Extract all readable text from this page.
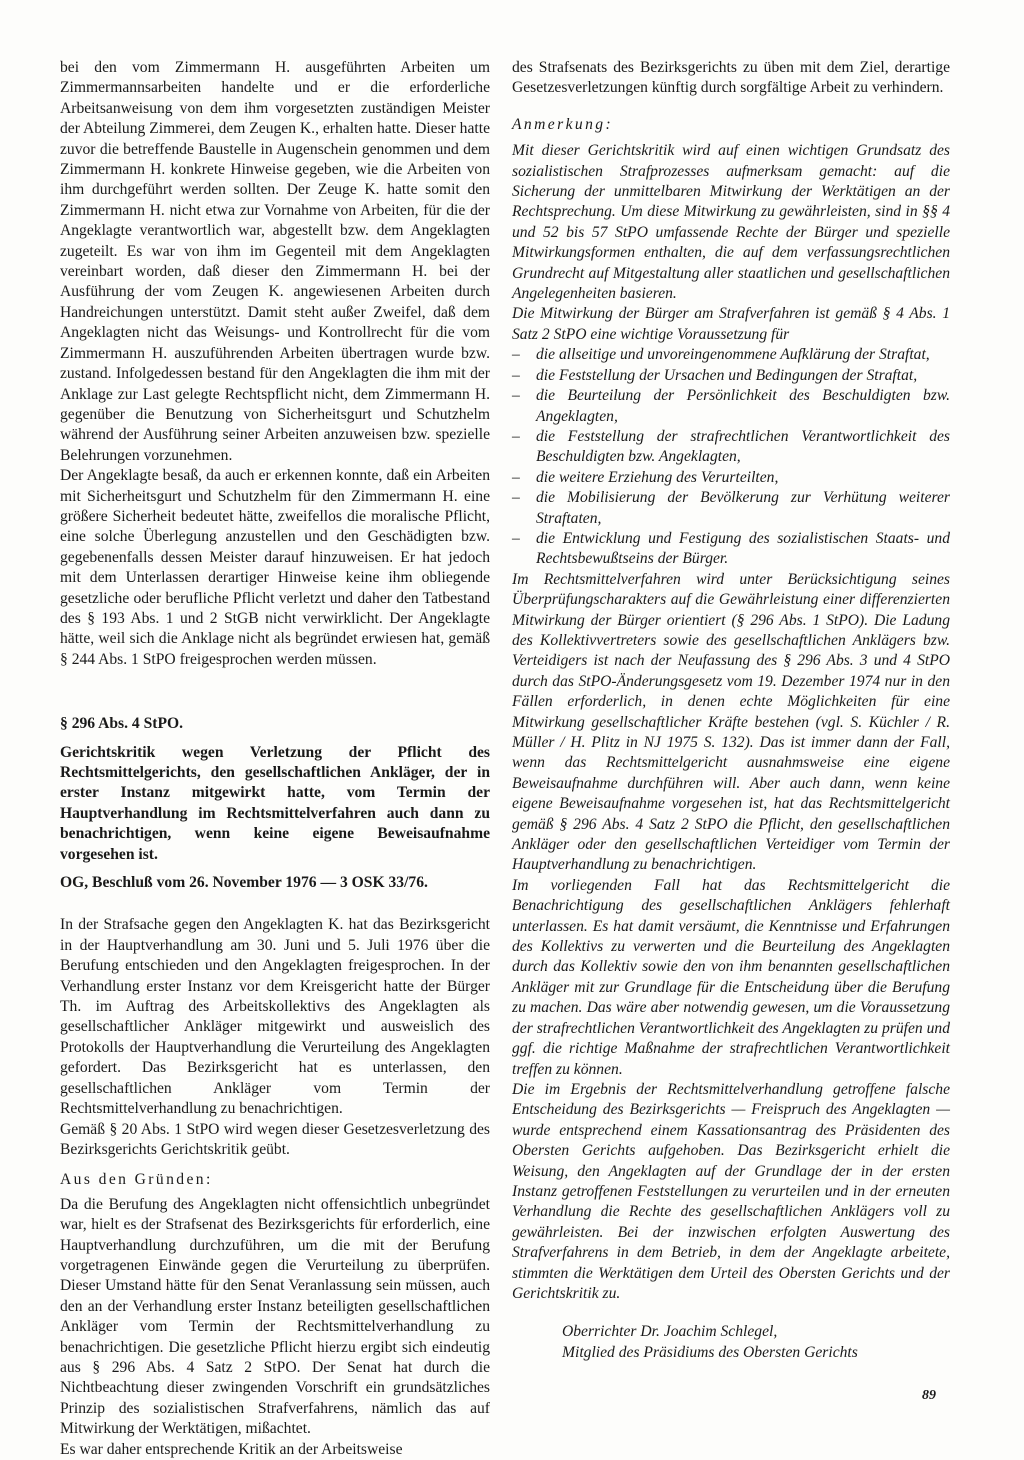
bei den vom Zimmermann H. ausgeführten Arbeiten um Zimmermannsarbeiten handelte und er die erforderliche Arbeitsanweisung von dem ihm vorgesetzten zuständigen Meister der Abteilung Zimmerei, dem Zeugen K., erhalten hatte. Dieser hatte zuvor die betreffende Baustelle in Augenschein genommen und dem Zimmermann H. konkrete Hinweise gegeben, wie die Arbeiten von ihm durchgeführt werden sollten. Der Zeuge K. hatte somit den Zimmermann H. nicht etwa zur Vornahme von Arbeiten, für die der Angeklagte verantwortlich war, abgestellt bzw. dem Angeklagten zugeteilt. Es war von ihm im Gegenteil mit dem Angeklagten vereinbart worden, daß dieser den Zimmermann H. bei der Ausführung der vom Zeugen K. angewiesenen Arbeiten durch Handreichungen unterstützt. Damit steht außer Zweifel, daß dem Angeklagten nicht das Weisungs- und Kontrollrecht für die vom Zimmermann H. auszuführenden Arbeiten übertragen wurde bzw. zustand. Infolgedessen bestand für den Angeklagten die ihm mit der Anklage zur Last gelegte Rechtspflicht nicht, dem Zimmermann H. gegenüber die Benutzung von Sicherheitsgurt und Schutzhelm während der Ausführung seiner Arbeiten anzuweisen bzw. spezielle Belehrungen vorzunehmen.

Der Angeklagte besaß, da auch er erkennen konnte, daß ein Arbeiten mit Sicherheitsgurt und Schutzhelm für den Zimmermann H. eine größere Sicherheit bedeutet hätte, zweifellos die moralische Pflicht, eine solche Überlegung anzustellen und den Geschädigten bzw. gegebenenfalls dessen Meister darauf hinzuweisen. Er hat jedoch mit dem Unterlassen derartiger Hinweise keine ihm obliegende gesetzliche oder berufliche Pflicht verletzt und daher den Tatbestand des § 193 Abs. 1 und 2 StGB nicht verwirklicht. Der Angeklagte hätte, weil sich die Anklage nicht als begründet erwiesen hat, gemäß § 244 Abs. 1 StPO freigesprochen werden müssen.

§ 296 Abs. 4 StPO.

Gerichtskritik wegen Verletzung der Pflicht des Rechtsmittelgerichts, den gesellschaftlichen Ankläger, der in erster Instanz mitgewirkt hatte, vom Termin der Hauptverhandlung im Rechtsmittelverfahren auch dann zu benachrichtigen, wenn keine eigene Beweisaufnahme vorgesehen ist.

OG, Beschluß vom 26. November 1976 — 3 OSK 33/76.

In der Strafsache gegen den Angeklagten K. hat das Bezirksgericht in der Hauptverhandlung am 30. Juni und 5. Juli 1976 über die Berufung entschieden und den Angeklagten freigesprochen. In der Verhandlung erster Instanz vor dem Kreisgericht hatte der Bürger Th. im Auftrag des Arbeitskollektivs des Angeklagten als gesellschaftlicher Ankläger mitgewirkt und ausweislich des Protokolls der Hauptverhandlung die Verurteilung des Angeklagten gefordert. Das Bezirksgericht hat es unterlassen, den gesellschaftlichen Ankläger vom Termin der Rechtsmittelverhandlung zu benachrichtigen.

Gemäß § 20 Abs. 1 StPO wird wegen dieser Gesetzesverletzung des Bezirksgerichts Gerichtskritik geübt.

Aus den Gründen:

Da die Berufung des Angeklagten nicht offensichtlich unbegründet war, hielt es der Strafsenat des Bezirksgerichts für erforderlich, eine Hauptverhandlung durchzuführen, um die mit der Berufung vorgetragenen Einwände gegen die Verurteilung zu überprüfen. Dieser Umstand hätte für den Senat Veranlassung sein müssen, auch den an der Verhandlung erster Instanz beteiligten gesellschaftlichen Ankläger vom Termin der Rechtsmittelverhandlung zu benachrichtigen. Die gesetzliche Pflicht hierzu ergibt sich eindeutig aus § 296 Abs. 4 Satz 2 StPO. Der Senat hat durch die Nichtbeachtung dieser zwingenden Vorschrift ein grundsätzliches Prinzip des sozialistischen Strafverfahrens, nämlich das auf Mitwirkung der Werktätigen, mißachtet.

Es war daher entsprechende Kritik an der Arbeitsweise

des Strafsenats des Bezirksgerichts zu üben mit dem Ziel, derartige Gesetzesverletzungen künftig durch sorgfältige Arbeit zu verhindern.

Anmerkung:

Mit dieser Gerichtskritik wird auf einen wichtigen Grundsatz des sozialistischen Strafprozesses aufmerksam gemacht: auf die Sicherung der unmittelbaren Mitwirkung der Werktätigen an der Rechtsprechung. Um diese Mitwirkung zu gewährleisten, sind in §§ 4 und 52 bis 57 StPO umfassende Rechte der Bürger und spezielle Mitwirkungsformen enthalten, die auf dem verfassungsrechtlichen Grundrecht auf Mitgestaltung aller staatlichen und gesellschaftlichen Angelegenheiten basieren.

Die Mitwirkung der Bürger am Strafverfahren ist gemäß § 4 Abs. 1 Satz 2 StPO eine wichtige Voraussetzung für

– die allseitige und unvoreingenommene Aufklärung der Straftat,
– die Feststellung der Ursachen und Bedingungen der Straftat,
– die Beurteilung der Persönlichkeit des Beschuldigten bzw. Angeklagten,
– die Feststellung der strafrechtlichen Verantwortlichkeit des Beschuldigten bzw. Angeklagten,
– die weitere Erziehung des Verurteilten,
– die Mobilisierung der Bevölkerung zur Verhütung weiterer Straftaten,
– die Entwicklung und Festigung des sozialistischen Staats- und Rechtsbewußtseins der Bürger.

Im Rechtsmittelverfahren wird unter Berücksichtigung seines Überprüfungscharakters auf die Gewährleistung einer differenzierten Mitwirkung der Bürger orientiert (§ 296 Abs. 1 StPO). Die Ladung des Kollektivvertreters sowie des gesellschaftlichen Anklägers bzw. Verteidigers ist nach der Neufassung des § 296 Abs. 3 und 4 StPO durch das StPO-Änderungsgesetz vom 19. Dezember 1974 nur in den Fällen erforderlich, in denen echte Möglichkeiten für eine Mitwirkung gesellschaftlicher Kräfte bestehen (vgl. S. Küchler / R. Müller / H. Plitz in NJ 1975 S. 132). Das ist immer dann der Fall, wenn das Rechtsmittelgericht ausnahmsweise eine eigene Beweisaufnahme durchführen will. Aber auch dann, wenn keine eigene Beweisaufnahme vorgesehen ist, hat das Rechtsmittelgericht gemäß § 296 Abs. 4 Satz 2 StPO die Pflicht, den gesellschaftlichen Ankläger oder den gesellschaftlichen Verteidiger vom Termin der Hauptverhandlung zu benachrichtigen.

Im vorliegenden Fall hat das Rechtsmittelgericht die Benachrichtigung des gesellschaftlichen Anklägers fehlerhaft unterlassen. Es hat damit versäumt, die Kenntnisse und Erfahrungen des Kollektivs zu verwerten und die Beurteilung des Angeklagten durch das Kollektiv sowie den von ihm benannten gesellschaftlichen Ankläger mit zur Grundlage für die Entscheidung über die Berufung zu machen. Das wäre aber notwendig gewesen, um die Voraussetzung der strafrechtlichen Verantwortlichkeit des Angeklagten zu prüfen und ggf. die richtige Maßnahme der strafrechtlichen Verantwortlichkeit treffen zu können.

Die im Ergebnis der Rechtsmittelverhandlung getroffene falsche Entscheidung des Bezirksgerichts — Freispruch des Angeklagten — wurde entsprechend einem Kassationsantrag des Präsidenten des Obersten Gerichts aufgehoben. Das Bezirksgericht erhielt die Weisung, den Angeklagten auf der Grundlage der in der ersten Instanz getroffenen Feststellungen zu verurteilen und in der erneuten Verhandlung die Rechte des gesellschaftlichen Anklägers voll zu gewährleisten. Bei der inzwischen erfolgten Auswertung des Strafverfahrens in dem Betrieb, in dem der Angeklagte arbeitete, stimmten die Werktätigen dem Urteil des Obersten Gerichts und der Gerichtskritik zu.

Oberrichter Dr. Joachim Schlegel,

Mitglied des Präsidiums des Obersten Gerichts

89
